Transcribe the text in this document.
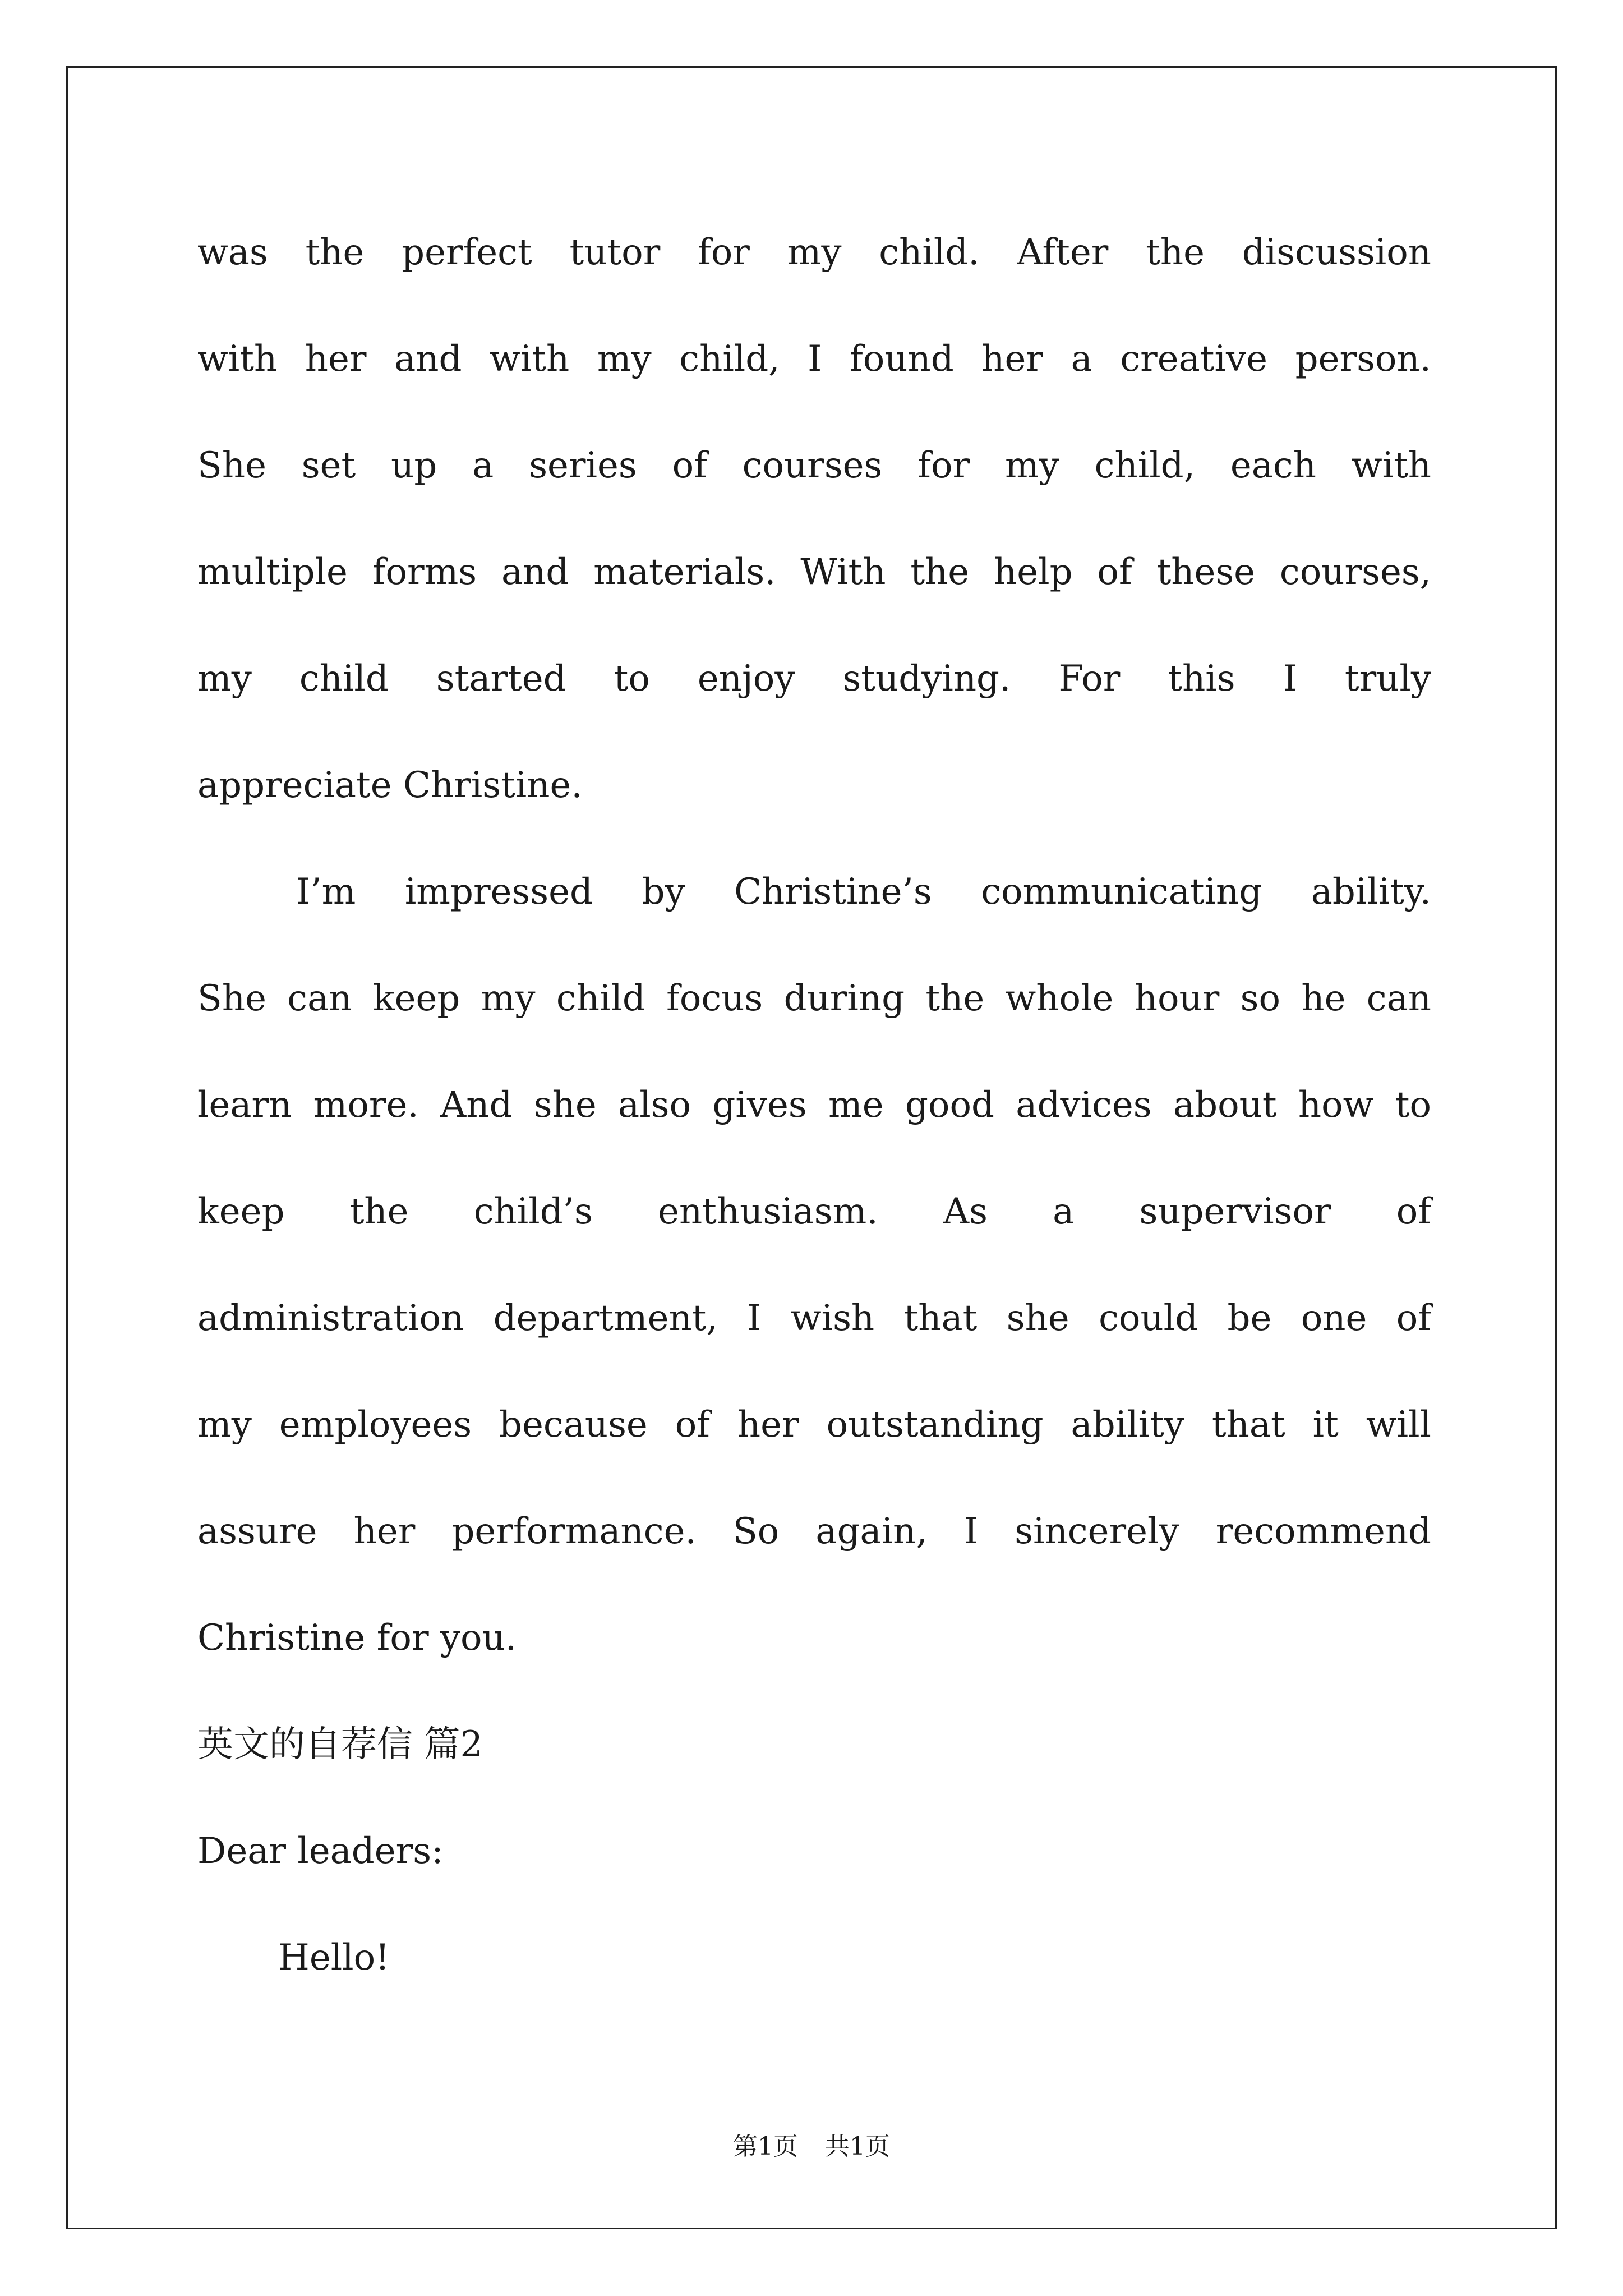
was the perfect tutor for my child. After the discussion
with her and with my child, I found her a creative person.
She set up a series of courses for my child, each with
multiple forms and materials. With the help of these courses,
my child started to enjoy studying. For this I truly
appreciate Christine.
I’m impressed by Christine’s communicating ability.
She can keep my child focus during the whole hour so he can
learn more. And she also gives me good advices about how to
keep the child’s enthusiasm. As a supervisor of
administration department, I wish that she could be one of
my employees because of her outstanding ability that it will
assure her performance. So again, I sincerely recommend
Christine for you.
英文的自荐信 篇2
Dear leaders:
Hello!
第1页 共1页
